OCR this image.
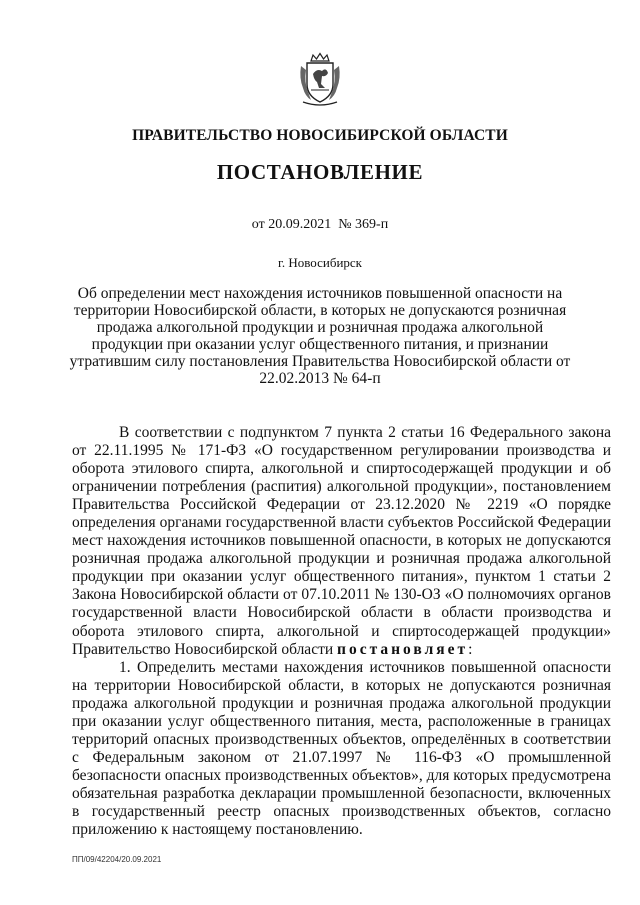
ПРАВИТЕЛЬСТВО НОВОСИБИРСКОЙ ОБЛАСТИ
ПОСТАНОВЛЕНИЕ
от 20.09.2021  № 369-п
г. Новосибирск
Об определении мест нахождения источников повышенной опасности на территории Новосибирской области, в которых не допускаются розничная продажа алкогольной продукции и розничная продажа алкогольной продукции при оказании услуг общественного питания, и признании утратившим силу постановления Правительства Новосибирской области от 22.02.2013 № 64-п

В соответствии с подпунктом 7 пункта 2 статьи 16 Федерального закона от 22.11.1995 № 171-ФЗ «О государственном регулировании производства и оборота этилового спирта, алкогольной и спиртосодержащей продукции и об ограничении потребления (распития) алкогольной продукции», постановлением Правительства Российской Федерации от 23.12.2020 № 2219 «О порядке определения органами государственной власти субъектов Российской Федерации мест нахождения источников повышенной опасности, в которых не допускаются розничная продажа алкогольной продукции и розничная продажа алкогольной продукции при оказании услуг общественного питания», пунктом 1 статьи 2 Закона Новосибирской области от 07.10.2011 № 130-ОЗ «О полномочиях органов государственной власти Новосибирской области в области производства и оборота этилового спирта, алкогольной и спиртосодержащей продукции» Правительство Новосибирской области постановляет:

1. Определить местами нахождения источников повышенной опасности на территории Новосибирской области, в которых не допускаются розничная продажа алкогольной продукции и розничная продажа алкогольной продукции при оказании услуг общественного питания, места, расположенные в границах территорий опасных производственных объектов, определённых в соответствии с Федеральным законом от 21.07.1997 № 116-ФЗ «О промышленной безопасности опасных производственных объектов», для которых предусмотрена обязательная разработка декларации промышленной безопасности, включенных в государственный реестр опасных производственных объектов, согласно приложению к настоящему постановлению.

ПП/09/42204/20.09.2021
